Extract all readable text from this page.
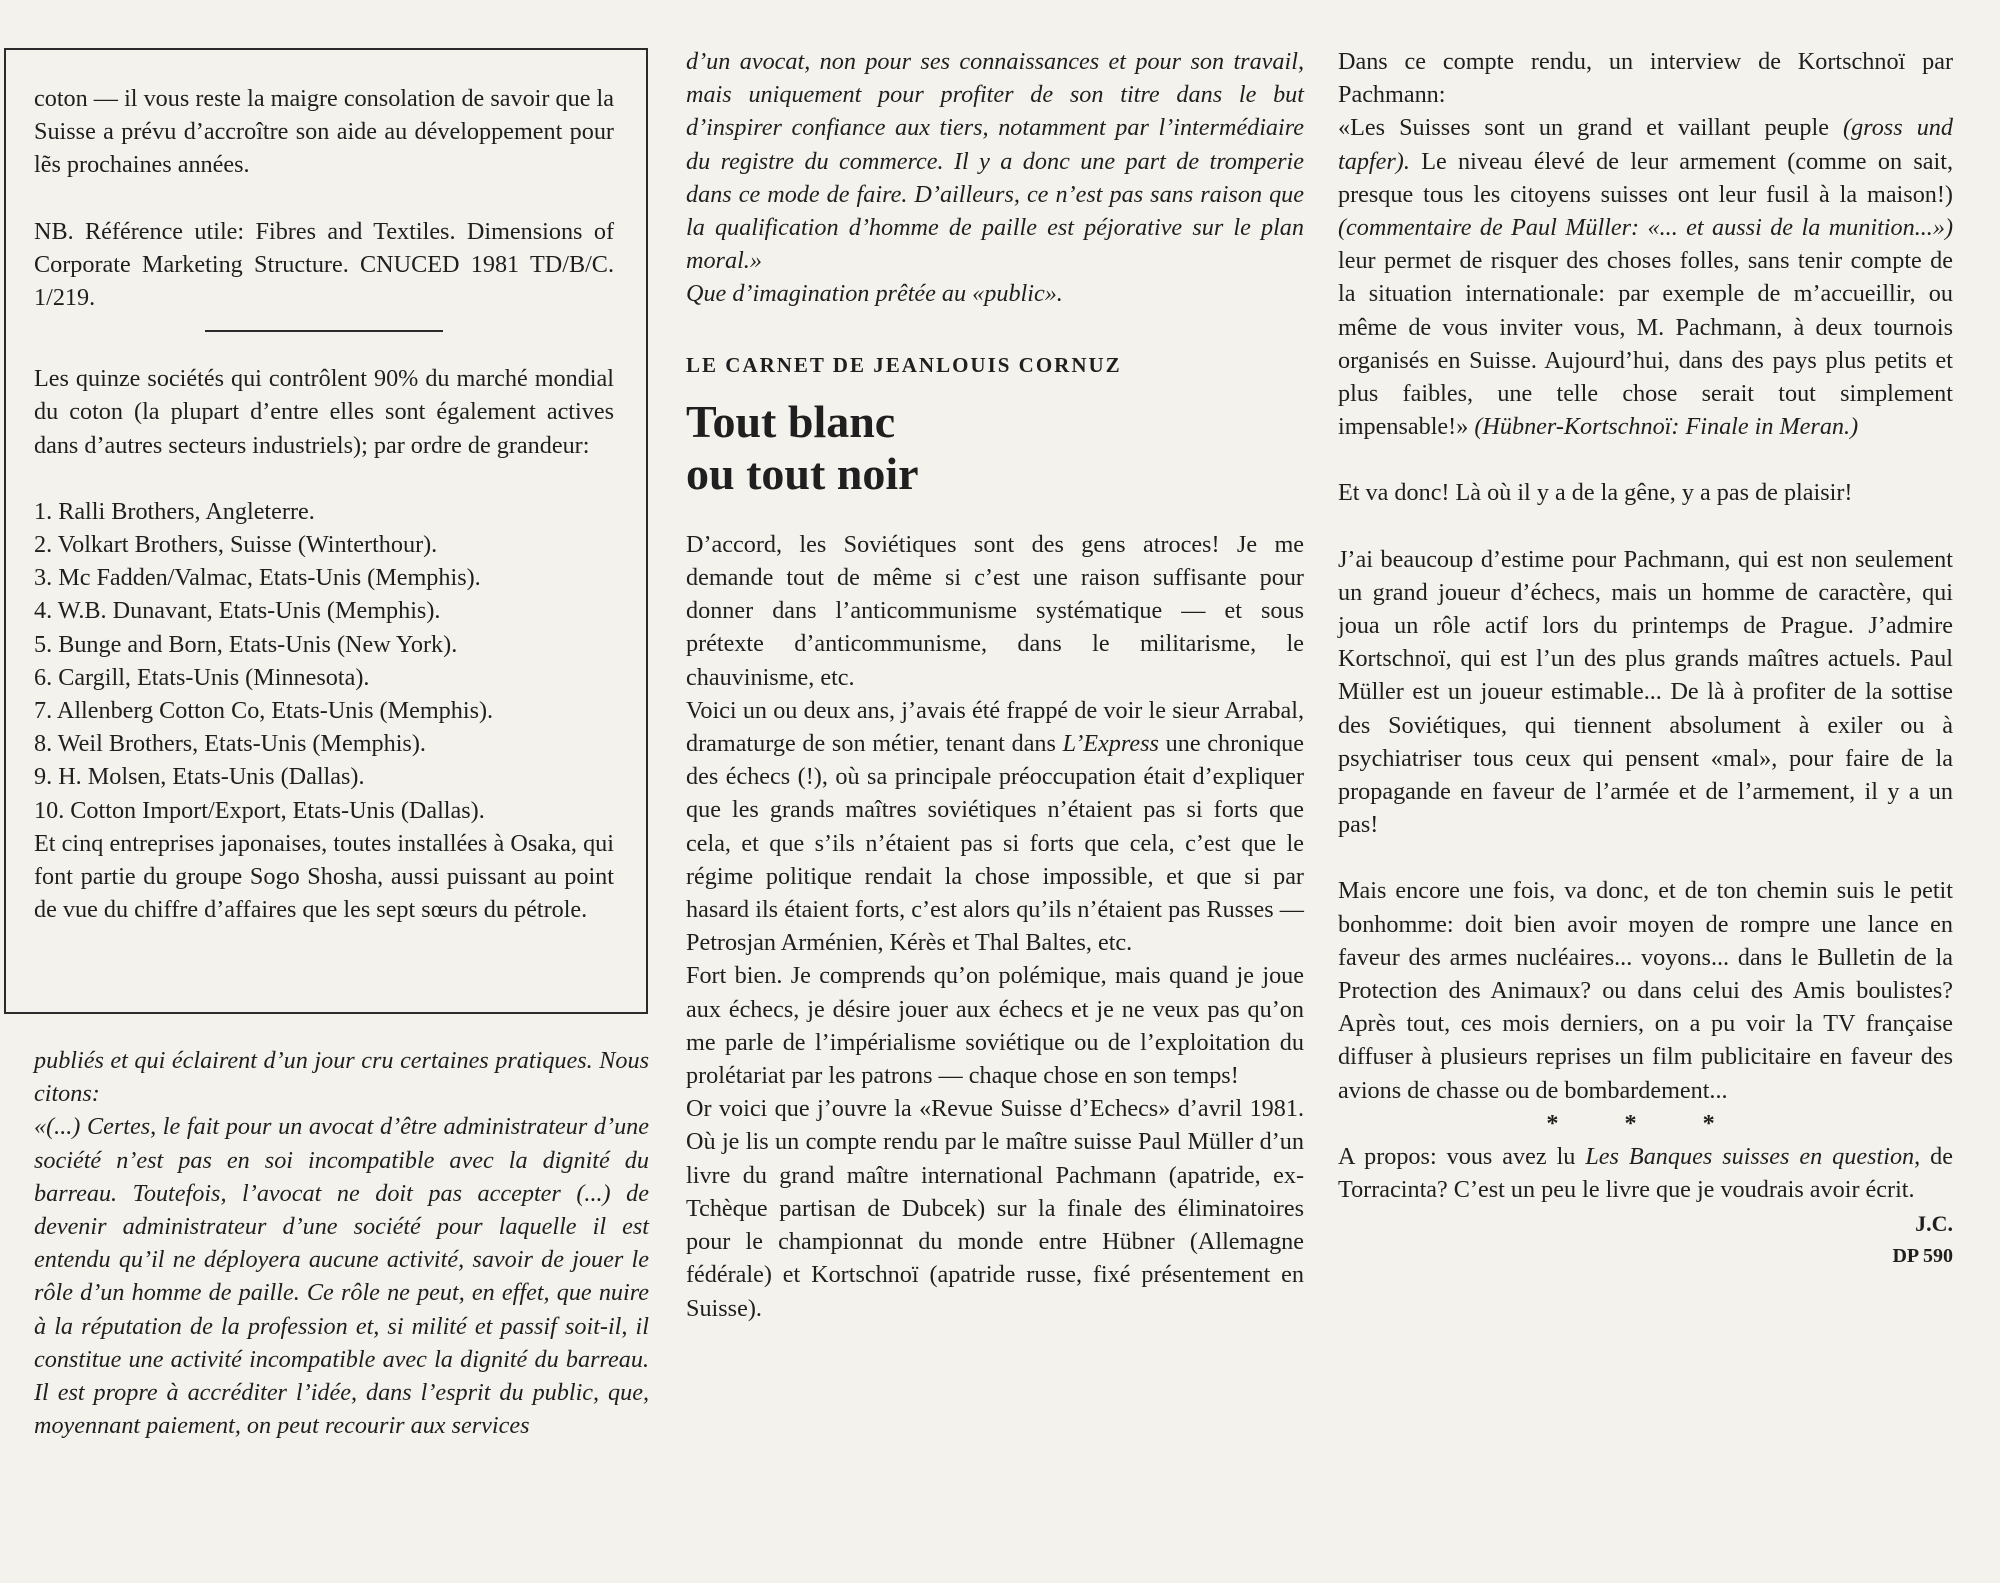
coton — il vous reste la maigre consolation de savoir que la Suisse a prévu d’accroître son aide au développement pour lẽs prochaines années.

NB. Référence utile: Fibres and Textiles. Dimensions of Corporate Marketing Structure. CNUCED 1981 TD/B/C. 1/219.

Les quinze sociétés qui contrôlent 90% du marché mondial du coton (la plupart d’entre elles sont également actives dans d’autres secteurs industriels); par ordre de grandeur:

1. Ralli Brothers, Angleterre.

2. Volkart Brothers, Suisse (Winterthour).

3. Mc Fadden/Valmac, Etats-Unis (Memphis).

4. W.B. Dunavant, Etats-Unis (Memphis).

5. Bunge and Born, Etats-Unis (New York).

6. Cargill, Etats-Unis (Minnesota).

7. Allenberg Cotton Co, Etats-Unis (Memphis).

8. Weil Brothers, Etats-Unis (Memphis).

9. H. Molsen, Etats-Unis (Dallas).

10. Cotton Import/Export, Etats-Unis (Dallas).

Et cinq entreprises japonaises, toutes installées à Osaka, qui font partie du groupe Sogo Shosha, aussi puissant au point de vue du chiffre d’affaires que les sept sœurs du pétrole.

publiés et qui éclairent d’un jour cru certaines pratiques. Nous citons:

«(...) Certes, le fait pour un avocat d’être administrateur d’une société n’est pas en soi incompatible avec la dignité du barreau. Toutefois, l’avocat ne doit pas accepter (...) de devenir administrateur d’une société pour laquelle il est entendu qu’il ne déployera aucune activité, savoir de jouer le rôle d’un homme de paille. Ce rôle ne peut, en effet, que nuire à la réputation de la profession et, si milité et passif soit-il, il constitue une activité incompatible avec la dignité du barreau. Il est propre à accréditer l’idée, dans l’esprit du public, que, moyennant paiement, on peut recourir aux services

d’un avocat, non pour ses connaissances et pour son travail, mais uniquement pour profiter de son titre dans le but d’inspirer confiance aux tiers, notamment par l’intermédiaire du registre du commerce. Il y a donc une part de tromperie dans ce mode de faire. D’ailleurs, ce n’est pas sans raison que la qualification d’homme de paille est péjorative sur le plan moral.»

Que d’imagination prêtée au «public».

LE CARNET DE JEANLOUIS CORNUZ
Tout blanc
ou tout noir

D’accord, les Soviétiques sont des gens atroces! Je me demande tout de même si c’est une raison suffisante pour donner dans l’anticommunisme systématique — et sous prétexte d’anticommunisme, dans le militarisme, le chauvinisme, etc.

Voici un ou deux ans, j’avais été frappé de voir le sieur Arrabal, dramaturge de son métier, tenant dans L’Express une chronique des échecs (!), où sa principale préoccupation était d’expliquer que les grands maîtres soviétiques n’étaient pas si forts que cela, et que s’ils n’étaient pas si forts que cela, c’est que le régime politique rendait la chose impossible, et que si par hasard ils étaient forts, c’est alors qu’ils n’étaient pas Russes — Petrosjan Arménien, Kérès et Thal Baltes, etc.

Fort bien. Je comprends qu’on polémique, mais quand je joue aux échecs, je désire jouer aux échecs et je ne veux pas qu’on me parle de l’impérialisme soviétique ou de l’exploitation du prolétariat par les patrons — chaque chose en son temps!

Or voici que j’ouvre la «Revue Suisse d’Echecs» d’avril 1981. Où je lis un compte rendu par le maître suisse Paul Müller d’un livre du grand maître international Pachmann (apatride, ex-Tchèque partisan de Dubcek) sur la finale des éliminatoires pour le championnat du monde entre Hübner (Allemagne fédérale) et Kortschnoï (apatride russe, fixé présentement en Suisse).

Dans ce compte rendu, un interview de Kortschnoï par Pachmann:

«Les Suisses sont un grand et vaillant peuple (gross und tapfer). Le niveau élevé de leur armement (comme on sait, presque tous les citoyens suisses ont leur fusil à la maison!) (commentaire de Paul Müller: «... et aussi de la munition...») leur permet de risquer des choses folles, sans tenir compte de la situation internationale: par exemple de m’accueillir, ou même de vous inviter vous, M. Pachmann, à deux tournois organisés en Suisse. Aujourd’hui, dans des pays plus petits et plus faibles, une telle chose serait tout simplement impensable!» (Hübner-Kortschnoï: Finale in Meran.)

Et va donc! Là où il y a de la gêne, y a pas de plaisir!

J’ai beaucoup d’estime pour Pachmann, qui est non seulement un grand joueur d’échecs, mais un homme de caractère, qui joua un rôle actif lors du printemps de Prague. J’admire Kortschnoï, qui est l’un des plus grands maîtres actuels. Paul Müller est un joueur estimable... De là à profiter de la sottise des Soviétiques, qui tiennent absolument à exiler ou à psychiatriser tous ceux qui pensent «mal», pour faire de la propagande en faveur de l’armée et de l’armement, il y a un pas!

Mais encore une fois, va donc, et de ton chemin suis le petit bonhomme: doit bien avoir moyen de rompre une lance en faveur des armes nucléaires... voyons... dans le Bulletin de la Protection des Animaux? ou dans celui des Amis boulistes? Après tout, ces mois derniers, on a pu voir la TV française diffuser à plusieurs reprises un film publicitaire en faveur des avions de chasse ou de bombardement...

* * *

A propos: vous avez lu Les Banques suisses en question, de Torracinta? C’est un peu le livre que je voudrais avoir écrit.

J.C.

DP 590
